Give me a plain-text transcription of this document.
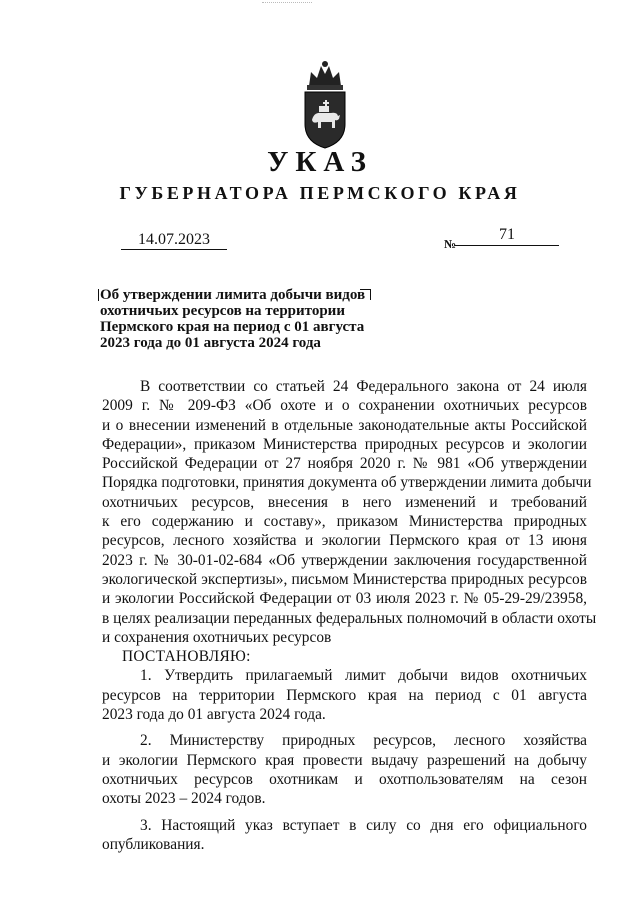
УКАЗ
ГУБЕРНАТОРА ПЕРМСКОГО КРАЯ
14.07.2023	№
71
Об утверждении лимита добычи видов
охотничьих ресурсов на территории
Пермского края на период с 01 августа
2023 года до 01 августа 2024 года
В соответствии со статьей 24 Федерального закона от 24 июля
2009 г. № 209-ФЗ «Об охоте и о сохранении охотничьих ресурсов
и о внесении изменений в отдельные законодательные акты Российской
Федерации», приказом Министерства природных ресурсов и экологии
Российской Федерации от 27 ноября 2020 г. № 981 «Об утверждении
Порядка подготовки, принятия документа об утверждении лимита добычи
охотничьих ресурсов, внесения в него изменений и требований
к его содержанию и составу», приказом Министерства природных
ресурсов, лесного хозяйства и экологии Пермского края от 13 июня
2023 г. № 30-01-02-684 «Об утверждении заключения государственной
экологической экспертизы», письмом Министерства природных ресурсов
и экологии Российской Федерации от 03 июля 2023 г. № 05-29-29/23958,
в целях реализации переданных федеральных полномочий в области охоты
и сохранения охотничьих ресурсов
ПОСТАНОВЛЯЮ:
1. Утвердить прилагаемый лимит добычи видов охотничьих
ресурсов на территории Пермского края на период с 01 августа
2023 года до 01 августа 2024 года.
2. Министерству природных ресурсов, лесного хозяйства
и экологии Пермского края провести выдачу разрешений на добычу
охотничьих ресурсов охотникам и охотпользователям на сезон
охоты 2023 – 2024 годов.
3. Настоящий указ вступает в силу со дня его официального
опубликования.
